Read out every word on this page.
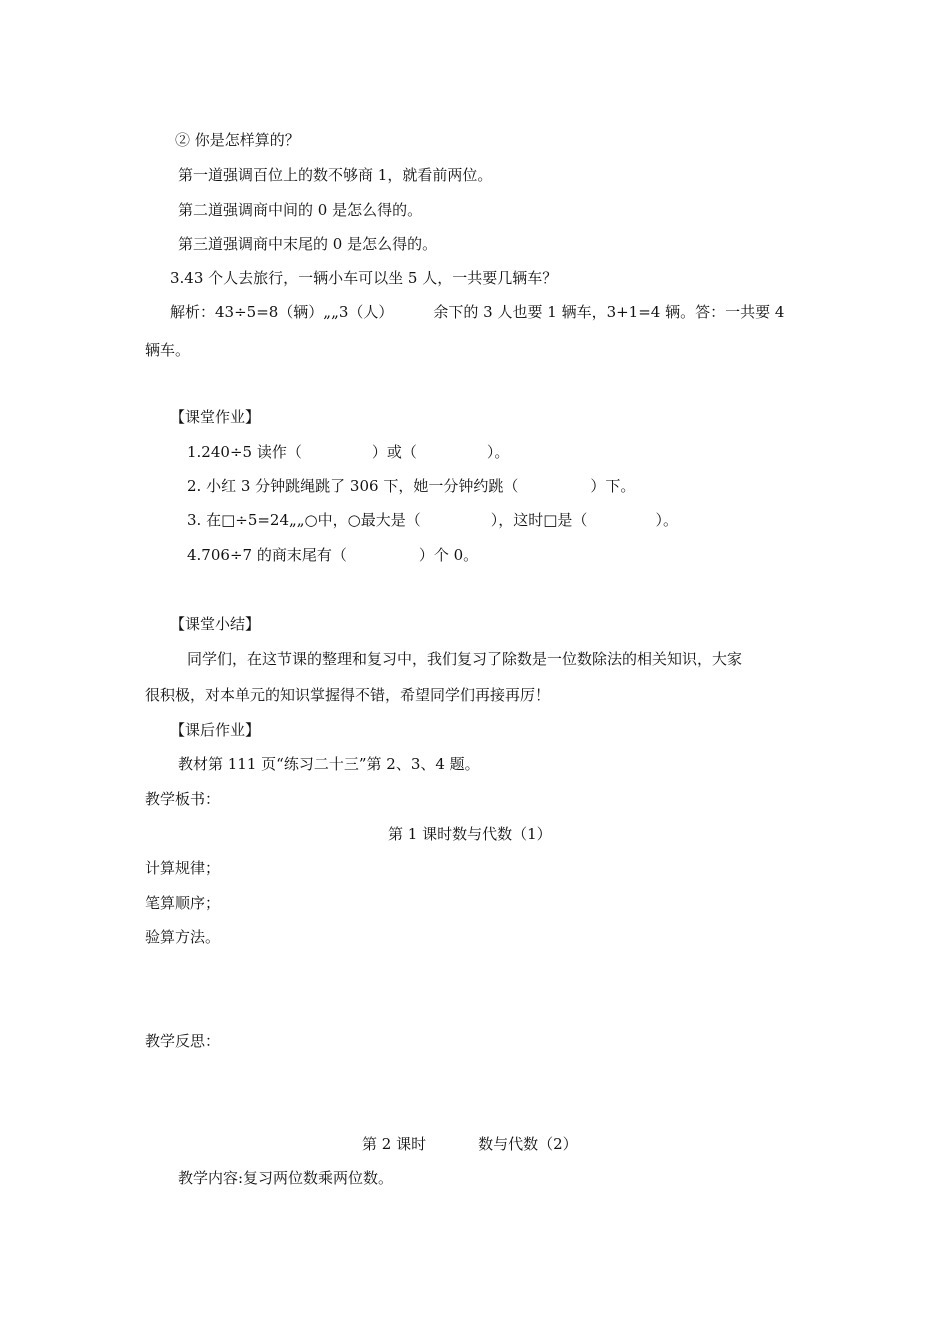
② 你是怎样算的？
第一道强调百位上的数不够商 1，就看前两位。
第二道强调商中间的 0 是怎么得的。
第三道强调商中末尾的 0 是怎么得的。
3.43 个人去旅行，一辆小车可以坐 5 人，一共要几辆车？
解析：43÷5=8（辆）„„3（人）	余下的 3 人也要 1 辆车，3+1=4 辆。答：一共要 4
辆车。
【课堂作业】
1.240÷5 读作（	）或（	）。
2. 小红 3 分钟跳绳跳了 306 下，她一分钟约跳（	）下。
3. 在□÷5=24„„○中，○最大是（	），这时□是（	）。
4.706÷7 的商末尾有（	）个 0。
【课堂小结】
同学们，在这节课的整理和复习中，我们复习了除数是一位数除法的相关知识，大家
很积极，对本单元的知识掌握得不错，希望同学们再接再厉！
【课后作业】
教材第 111 页“练习二十三”第 2、3、4 题。
教学板书：
第 1 课时数与代数（1）
计算规律；
笔算顺序；
验算方法。
教学反思：
第 2 课时	数与代数（2）
教学内容:复习两位数乘两位数。
